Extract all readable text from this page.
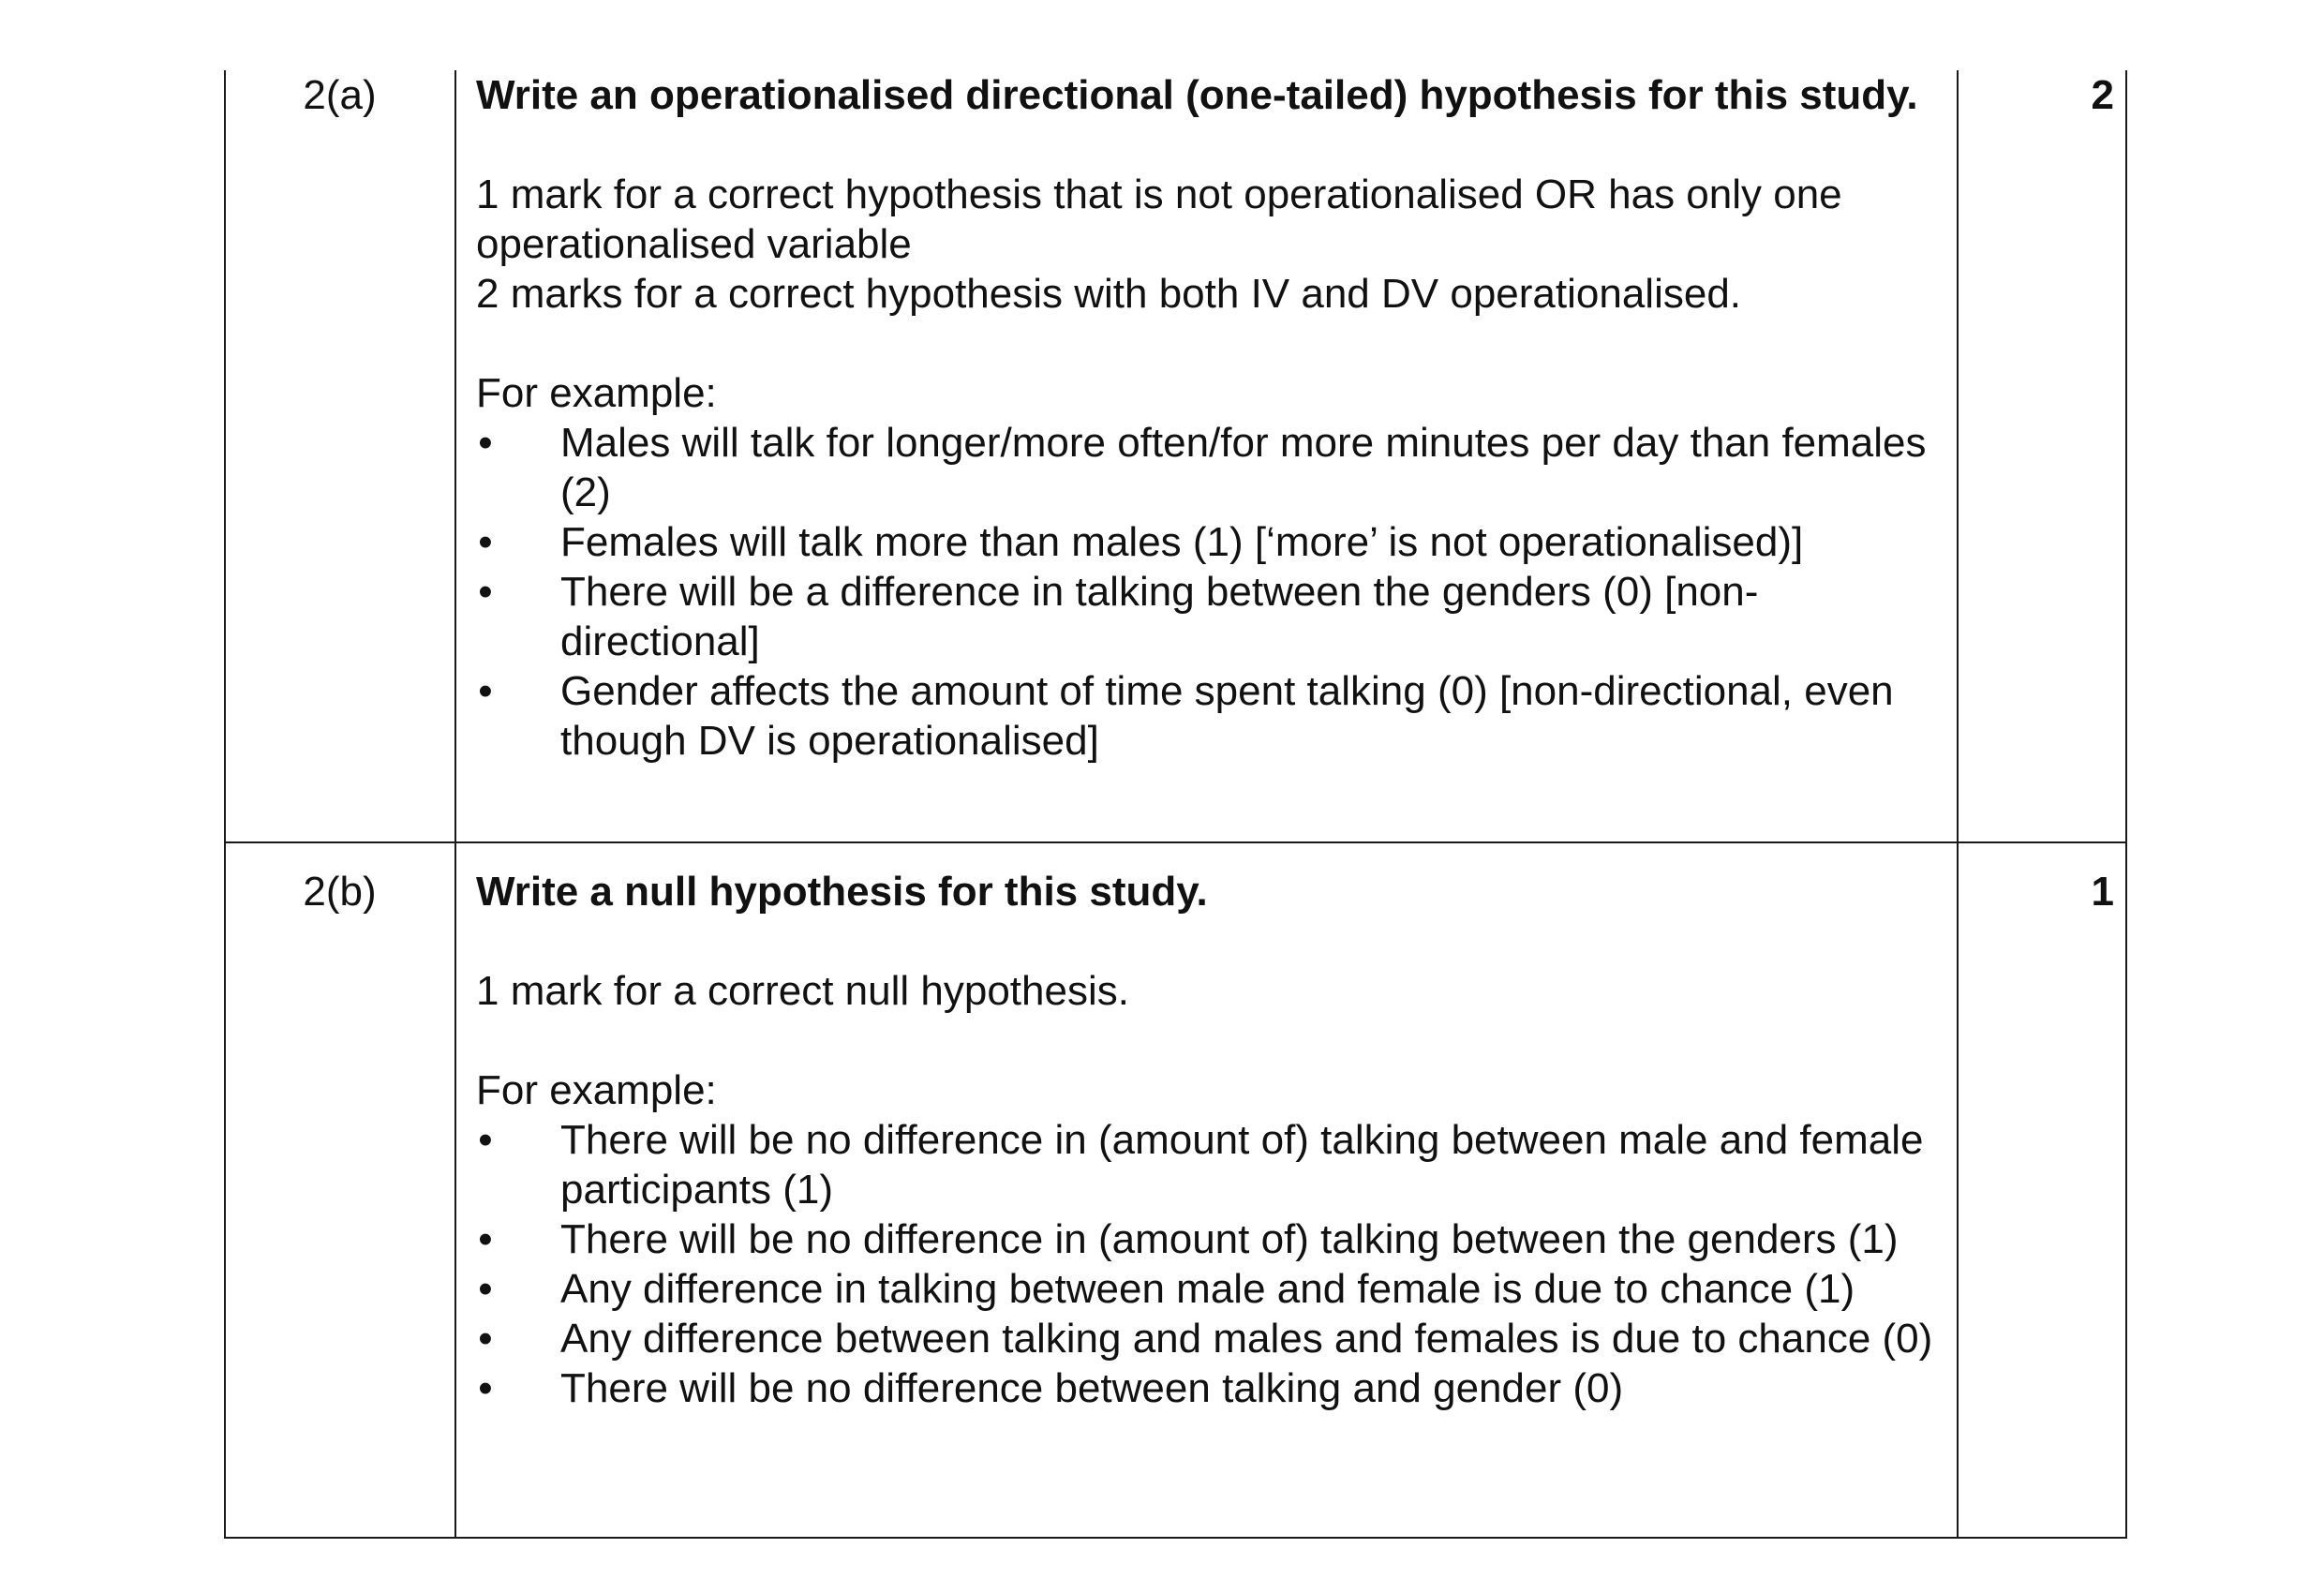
2(a)	Write an operationalised directional (one-tailed) hypothesis for this study.

1 mark for a correct hypothesis that is not operationalised OR has only one operationalised variable
2 marks for a correct hypothesis with both IV and DV operationalised.
For example:
• Males will talk for longer/more often/for more minutes per day than females (2)
• Females will talk more than males (1) [‘more’ is not operationalised)]
• There will be a difference in talking between the genders (0) [non-directional]
• Gender affects the amount of time spent talking (0) [non-directional, even though DV is operationalised]
2
2(b)	Write a null hypothesis for this study.

1 mark for a correct null hypothesis.
For example:
• There will be no difference in (amount of) talking between male and female participants (1)
• There will be no difference in (amount of) talking between the genders (1)
• Any difference in talking between male and female is due to chance (1)
• Any difference between talking and males and females is due to chance (0)
• There will be no difference between talking and gender (0)
1
